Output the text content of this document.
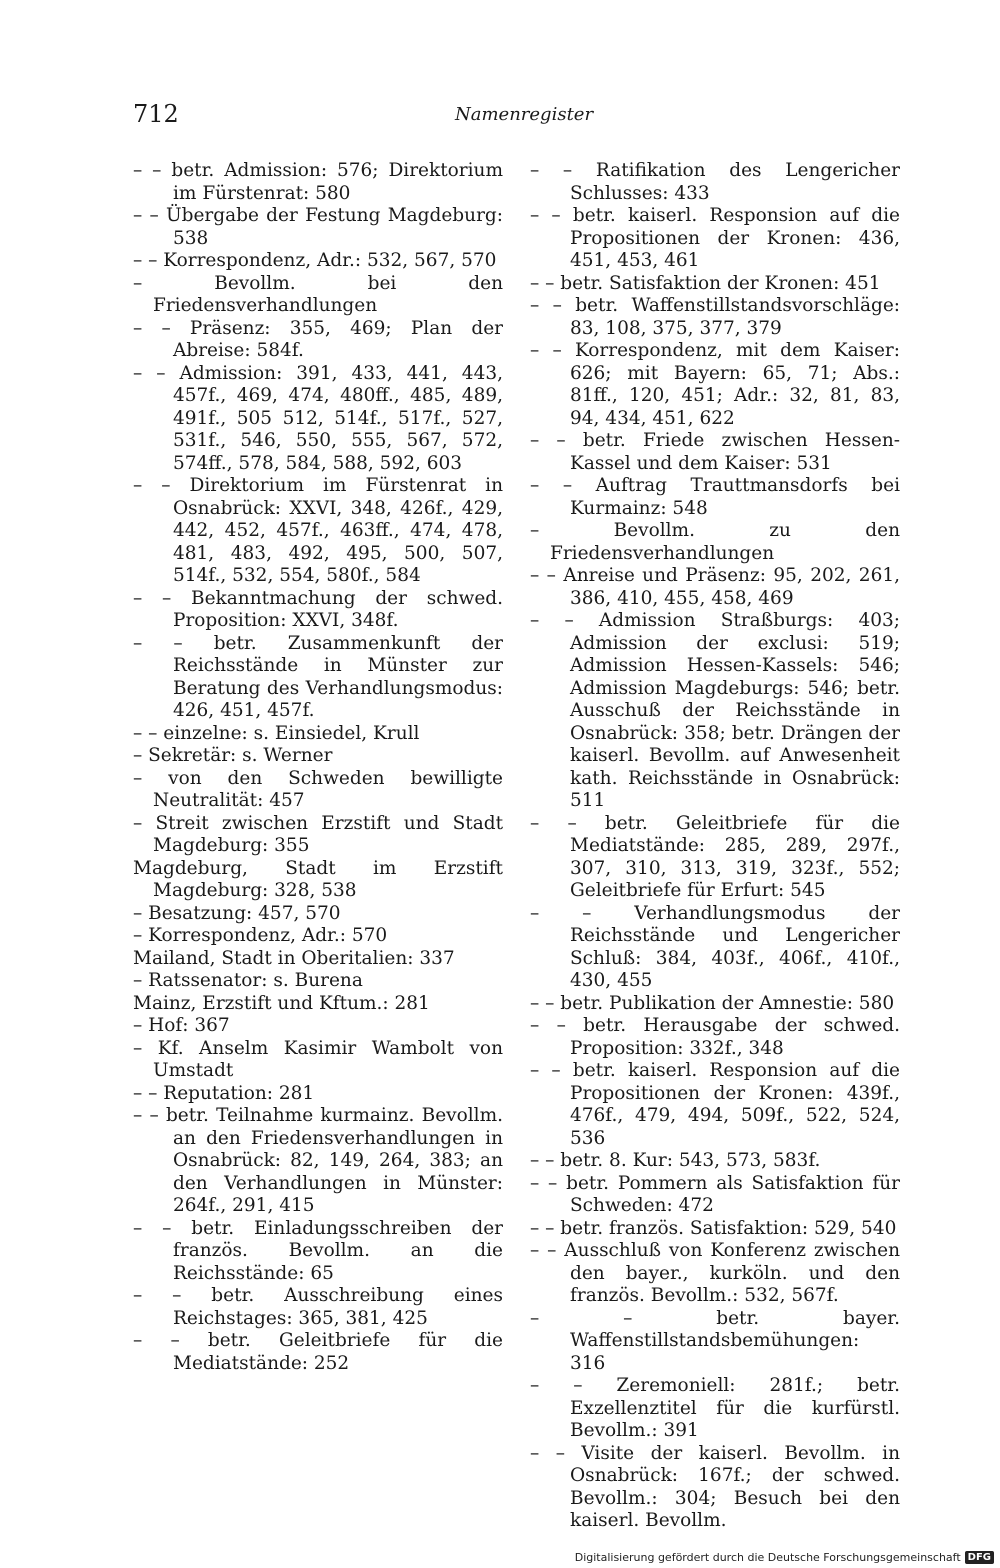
712	Namenregister

– – betr. Admission: 576; Direktorium im Fürstenrat: 580

– – Übergabe der Festung Magdeburg: 538

– – Korrespondenz, Adr.: 532, 567, 570

– Bevollm. bei den Friedensverhandlungen

– – Präsenz: 355, 469; Plan der Abreise: 584f.

– – Admission: 391, 433, 441, 443, 457f., 469, 474, 480ff., 485, 489, 491f., 505 512, 514f., 517f., 527, 531f., 546, 550, 555, 567, 572, 574ff., 578, 584, 588, 592, 603

– – Direktorium im Fürstenrat in Osnabrück: XXVI, 348, 426f., 429, 442, 452, 457f., 463ff., 474, 478, 481, 483, 492, 495, 500, 507, 514f., 532, 554, 580f., 584

– – Bekanntmachung der schwed. Proposition: XXVI, 348f.

– – betr. Zusammenkunft der Reichsstände in Münster zur Beratung des Verhandlungsmodus: 426, 451, 457f.

– – einzelne: s. Einsiedel, Krull

– Sekretär: s. Werner

– von den Schweden bewilligte Neutralität: 457

– Streit zwischen Erzstift und Stadt Magdeburg: 355

Magdeburg, Stadt im Erzstift Magdeburg: 328, 538

– Besatzung: 457, 570

– Korrespondenz, Adr.: 570

Mailand, Stadt in Oberitalien: 337

– Ratssenator: s. Burena

Mainz, Erzstift und Kftum.: 281

– Hof: 367

– Kf. Anselm Kasimir Wambolt von Umstadt

– – Reputation: 281

– – betr. Teilnahme kurmainz. Bevollm. an den Friedensverhandlungen in Osnabrück: 82, 149, 264, 383; an den Verhandlungen in Münster: 264f., 291, 415

– – betr. Einladungsschreiben der französ. Bevollm. an die Reichsstände: 65

– – betr. Ausschreibung eines Reichstages: 365, 381, 425

– – betr. Geleitbriefe für die Mediatstände: 252

– – Ratifikation des Lengericher Schlusses: 433

– – betr. kaiserl. Responsion auf die Propositionen der Kronen: 436, 451, 453, 461

– – betr. Satisfaktion der Kronen: 451

– – betr. Waffenstillstandsvorschläge: 83, 108, 375, 377, 379

– – Korrespondenz, mit dem Kaiser: 626; mit Bayern: 65, 71; Abs.: 81ff., 120, 451; Adr.: 32, 81, 83, 94, 434, 451, 622

– – betr. Friede zwischen Hessen-Kassel und dem Kaiser: 531

– – Auftrag Trauttmansdorfs bei Kurmainz: 548

– Bevollm. zu den Friedensverhandlungen

– – Anreise und Präsenz: 95, 202, 261, 386, 410, 455, 458, 469

– – Admission Straßburgs: 403; Admission der exclusi: 519; Admission Hessen-Kassels: 546; Admission Magdeburgs: 546; betr. Ausschuß der Reichsstände in Osnabrück: 358; betr. Drängen der kaiserl. Bevollm. auf Anwesenheit kath. Reichsstände in Osnabrück: 511

– – betr. Geleitbriefe für die Mediatstände: 285, 289, 297f., 307, 310, 313, 319, 323f., 552; Geleitbriefe für Erfurt: 545

– – Verhandlungsmodus der Reichsstände und Lengericher Schluß: 384, 403f., 406f., 410f., 430, 455

– – betr. Publikation der Amnestie: 580

– – betr. Herausgabe der schwed. Proposition: 332f., 348

– – betr. kaiserl. Responsion auf die Propositionen der Kronen: 439f., 476f., 479, 494, 509f., 522, 524, 536

– – betr. 8. Kur: 543, 573, 583f.

– – betr. Pommern als Satisfaktion für Schweden: 472

– – betr. französ. Satisfaktion: 529, 540

– – Ausschluß von Konferenz zwischen den bayer., kurköln. und den französ. Bevollm.: 532, 567f.

– – betr. bayer. Waffenstillstandsbemühungen: 316

– – Zeremoniell: 281f.; betr. Exzellenztitel für die kurfürstl. Bevollm.: 391

– – Visite der kaiserl. Bevollm. in Osnabrück: 167f.; der schwed. Bevollm.: 304; Besuch bei den kaiserl. Bevollm.

Digitalisierung gefördert durch die Deutsche Forschungsgemeinschaft DFG
